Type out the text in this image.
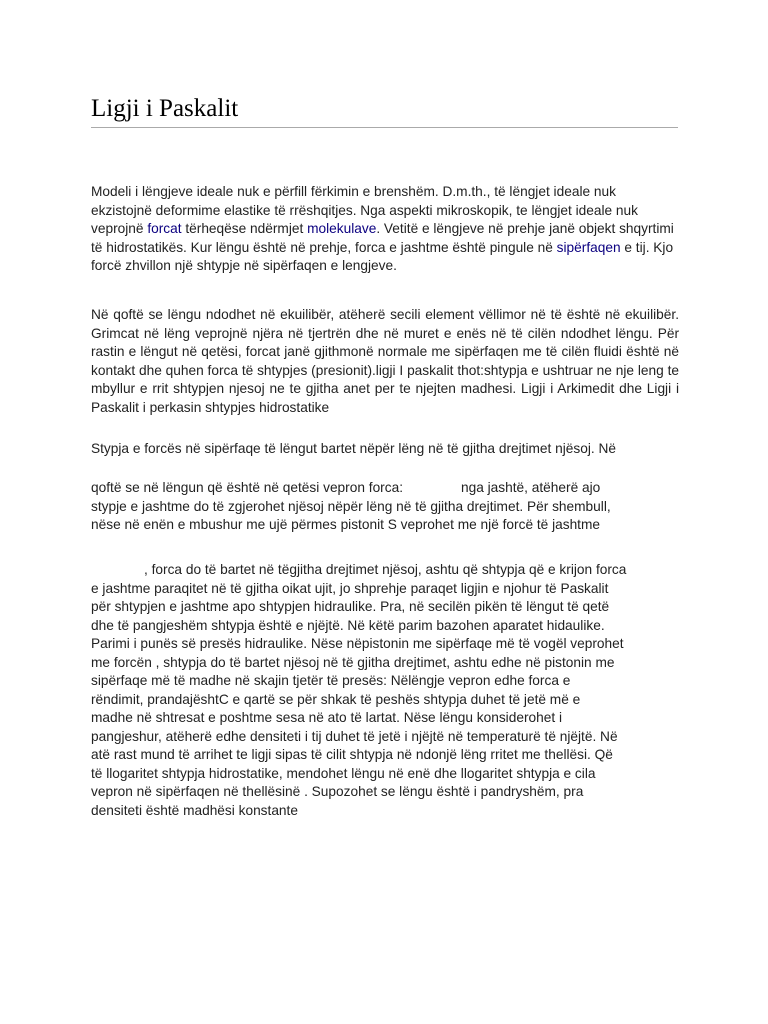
Ligji i Paskalit

Modeli i lëngjeve ideale nuk e përfill fërkimin e brenshëm. D.m.th., të lëngjet ideale nuk ekzistojnë deformime elastike të rrëshqitjes. Nga aspekti mikroskopik, te lëngjet ideale nuk veprojnë forcat tërheqëse ndërmjet molekulave. Vetitë e lëngjeve në prehje janë objekt shqyrtimi të hidrostatikës. Kur lëngu është në prehje, forca e jashtme është pingule në sipërfaqen e tij. Kjo forcë zhvillon një shtypje në sipërfaqen e lengjeve.

Në qoftë se lëngu ndodhet në ekuilibër, atëherë secili element vëllimor në të është në ekuilibër. Grimcat në lëng veprojnë njëra në tjertrën dhe në muret e enës në të cilën ndodhet lëngu. Për rastin e lëngut në qetësi, forcat janë gjithmonë normale me sipërfaqen me të cilën fluidi është në kontakt dhe quhen forca të shtypjes (presionit).ligji I paskalit thot:shtypja e ushtruar ne nje leng te mbyllur e rrit shtypjen njesoj ne te gjitha anet per te njejten madhesi. Ligji i Arkimedit dhe Ligji i Paskalit i perkasin shtypjes hidrostatike

Stypja e forcës në sipërfaqe të lëngut bartet nëpër lëng në të gjitha drejtimet njësoj. Në

qoftë se në lëngun që është në qetësi vepron forca:	nga jashtë, atëherë ajo
stypje e jashtme do të zgjerohet njësoj nëpër lëng në të gjitha drejtimet. Për shembull,
nëse në enën e mbushur me ujë përmes pistonit S veprohet me një forcë të jashtme
, forca do të bartet në tëgjitha drejtimet njësoj, ashtu që shtypja që e krijon forca
e jashtme paraqitet në të gjitha oikat ujit, jo shprehje paraqet ligjin e njohur të Paskalit
për shtypjen e jashtme apo shtypjen hidraulike. Pra, në secilën pikën të lëngut të qetë
dhe të pangjeshëm shtypja është e njëjtë. Në këtë parim bazohen aparatet hidaulike.
Parimi i punës së presës hidraulike. Nëse nëpistonin me sipërfaqe më të vogël veprohet
me forcën , shtypja do të bartet njësoj në të gjitha drejtimet, ashtu edhe në pistonin me
sipërfaqe më të madhe në skajin tjetër të presës: Nëlëngje vepron edhe forca e
rëndimit, prandajështC e qartë se për shkak të peshës shtypja duhet të jetë më e
madhe në shtresat e poshtme sesa në ato të lartat. Nëse lëngu konsiderohet i
pangjeshur, atëherë edhe densiteti i tij duhet të jetë i njëjtë në temperaturë të njëjtë. Në
atë rast mund të arrihet te ligji sipas të cilit shtypja në ndonjë lëng rritet me thellësi. Që
të llogaritet shtypja hidrostatike, mendohet lëngu në enë dhe llogaritet shtypja e cila
vepron në sipërfaqen në thellësinë . Supozohet se lëngu është i pandryshëm, pra
densiteti është madhësi konstante
